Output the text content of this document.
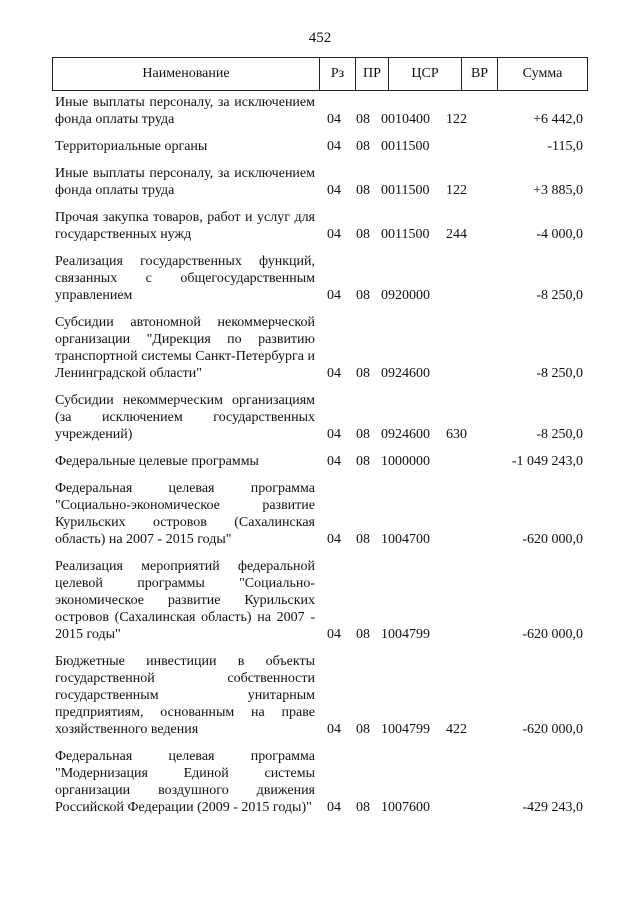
452
Наименование	Рз	ПР	ЦСР	ВР	Сумма
Иные выплаты персоналу, за исключением фонда оплаты труда	04 08 0010400 122	+6 442,0
Территориальные органы	04 08 0011500	-115,0
Иные выплаты персоналу, за исключением фонда оплаты труда	04 08 0011500 122	+3 885,0
Прочая закупка товаров, работ и услуг для государственных нужд	04 08 0011500 244	-4 000,0
Реализация государственных функций, связанных с общегосударственным управлением	04 08 0920000	-8 250,0
Субсидии автономной некоммерческой организации "Дирекция по развитию транспортной системы Санкт-Петербурга и Ленинградской области"	04 08 0924600	-8 250,0
Субсидии некоммерческим организациям (за исключением государственных учреждений)	04 08 0924600 630	-8 250,0
Федеральные целевые программы	04 08 1000000	-1 049 243,0
Федеральная целевая программа "Социально-экономическое развитие Курильских островов (Сахалинская область) на 2007 - 2015 годы"	04 08 1004700	-620 000,0
Реализация мероприятий федеральной целевой программы "Социально-экономическое развитие Курильских островов (Сахалинская область) на 2007 - 2015 годы"	04 08 1004799	-620 000,0
Бюджетные инвестиции в объекты государственной собственности государственным унитарным предприятиям, основанным на праве хозяйственного ведения	04 08 1004799 422	-620 000,0
Федеральная целевая программа "Модернизация Единой системы организации воздушного движения Российской Федерации (2009 - 2015 годы)" 04 08 1007600	-429 243,0
